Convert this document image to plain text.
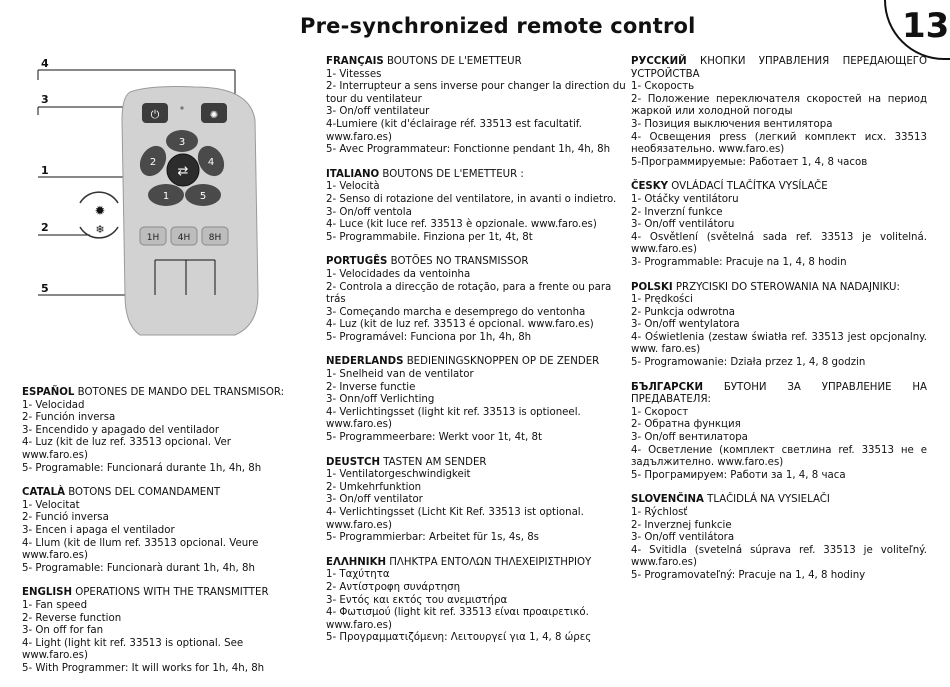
Pre-synchronized remote control	13
⏻	✺
3
2	4
⇄
1	5
1H 4H 8H
✹
❄
4
3
1
2
5
ESPAÑOL BOTONES DE MANDO DEL TRANSMISOR:
1- Velocidad
2- Función inversa
3- Encendido y apagado del ventilador
4- Luz (kit de luz ref. 33513 opcional. Ver www.faro.es)
5- Programable: Funcionará durante 1h, 4h, 8h
CATALÀ BOTONS DEL COMANDAMENT
1- Velocitat
2- Funció inversa
3- Encen i apaga el ventilador
4- Llum (kit de llum ref. 33513 opcional. Veure www.faro.es)
5- Programable: Funcionarà durant 1h, 4h, 8h
ENGLISH OPERATIONS WITH THE TRANSMITTER
1- Fan speed
2- Reverse function
3- On off for fan
4- Light (light kit ref. 33513 is optional. See www.faro.es)
5- With Programmer: It will works for 1h, 4h, 8h
FRANÇAIS BOUTONS DE L'EMETTEUR
1- Vitesses
2- Interrupteur a sens inverse pour changer la direction du tour du ventilateur
3- On/off ventilateur
4-Lumiere (kit d'éclairage réf. 33513 est facultatif. www.faro.es)
5- Avec Programmateur: Fonctionne pendant 1h, 4h, 8h
ITALIANO BOUTONS DE L'EMETTEUR :
1- Velocità
2- Senso di rotazione del ventilatore, in avanti o indietro.
3- On/off ventola
4- Luce (kit luce ref. 33513 è opzionale. www.faro.es)
5- Programmabile. Finziona per 1t, 4t, 8t
PORTUGÊS BOTÕES NO TRANSMISSOR
1- Velocidades da ventoinha
2- Controla a direcção de rotação, para a frente ou para trás
3- Começando marcha e desemprego do ventonha
4- Luz (kit de luz ref. 33513 é opcional. www.faro.es)
5- Programável: Funciona por 1h, 4h, 8h
NEDERLANDS BEDIENINGSKNOPPEN OP DE ZENDER
1- Snelheid van de ventilator
2- Inverse functie
3- Onn/off Verlichting
4- Verlichtingsset (light kit ref. 33513 is optioneel. www.faro.es)
5- Programmeerbare: Werkt voor 1t, 4t, 8t
DEUSTCH TASTEN AM SENDER
1- Ventilatorgeschwindigkeit
2- Umkehrfunktion
3- On/off ventilator
4- Verlichtingsset (Licht Kit Ref. 33513 ist optional. www.faro.es)
5- Programmierbar: Arbeitet für 1s, 4s, 8s
ΕΛΛΗΝΙΚΗ ΠΛΗΚΤΡΑ ΕΝΤΟΛΩΝ ΤΗΛΕΧΕΙΡΙΣΤΗΡΙΟΥ
1- Ταχύτητα
2- Αντίστροφη συνάρτηση
3- Εντός και εκτός του ανεμιστήρα
4- Φωτισμού (light kit ref. 33513 είναι προαιρετικό. www.faro.es)
5- Προγραμματιζόμενη: Λειτουργεί για 1, 4, 8 ώρες
РУССКИЙ КНОПКИ УПРАВЛЕНИЯ ПЕРЕДАЮЩЕГО УСТРОЙСТВА
1- Скорость
2- Положение переключателя скоростей на период жаркой или холодной погоды
3- Позиция выключения вентилятора
4- Освещения press (легкий комплект исх. 33513 необязательно. www.faro.es)
5-Программируемые: Работает 1, 4, 8 часов
ČESKY OVLÁDACÍ TLAČÍTKA VYSÍLAČE
1- Otáčky ventilátoru
2- Inverzní funkce
3- On/off ventilátoru
4- Osvětlení (světelná sada ref. 33513 je volitelná. www.faro.es)
3- Programmable: Pracuje na 1, 4, 8 hodin
POLSKI PRZYCISKI DO STEROWANIA NA NADAJNIKU:
1- Prędkości
2- Punkcja odwrotna
3- On/off wentylatora
4- Oświetlenia (zestaw światła ref. 33513 jest opcjonalny. www. faro.es)
5- Programowanie: Działa przez 1, 4, 8 godzin
БЪЛГАРСКИ БУТОНИ ЗА УПРАВЛЕНИЕ НА ПРЕДАВАТЕЛЯ:
1- Скорост
2- Обратна функция
3- On/off вентилатора
4- Осветление (комплект светлина ref. 33513 не е задължително. www.faro.es)
5- Програмируем: Работи за 1, 4, 8 часа
SLOVENČINA TLAČIDLÁ NA VYSIELAČI
1- Rýchlosť
2- Inverznej funkcie
3- On/off ventilátora
4- Svitidla (svetelná súprava ref. 33513 je voliteľný. www.faro.es)
5- Programovateľný: Pracuje na 1, 4, 8 hodiny
